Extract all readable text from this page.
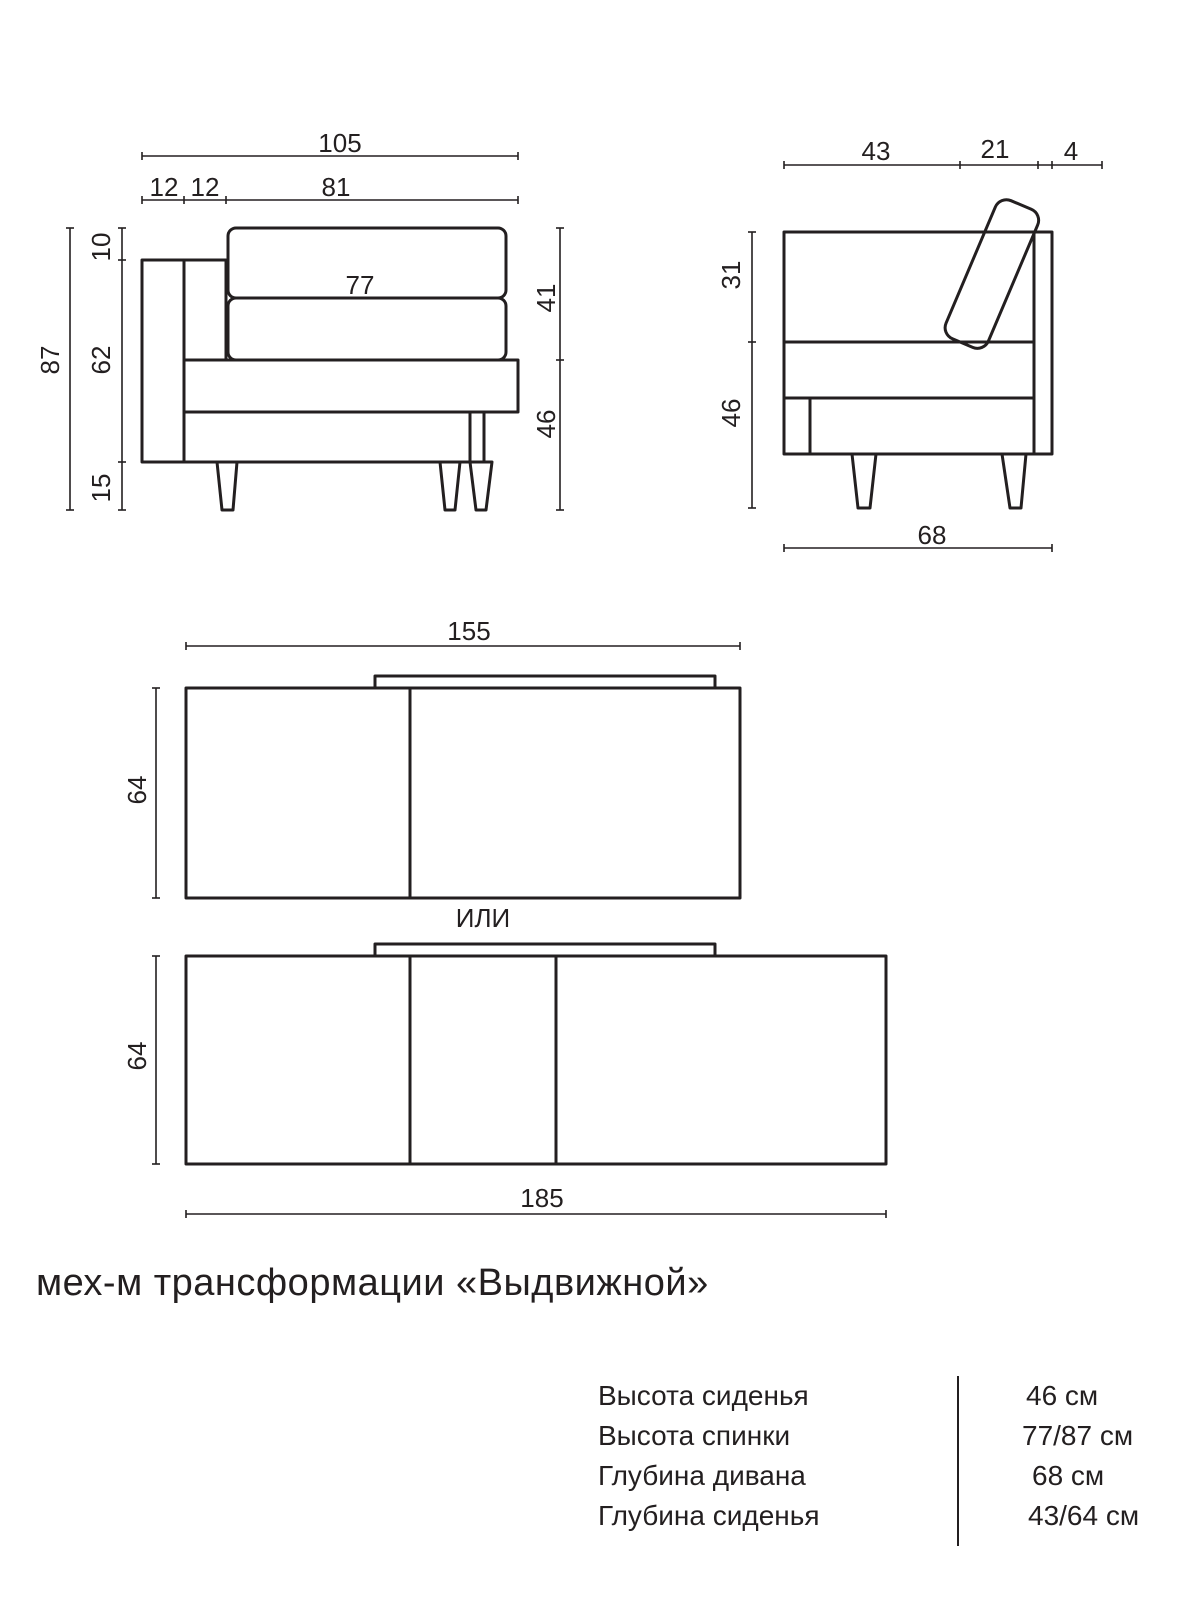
105
12 12	81
77
87
10
62
15
41
46
43	21 4
31
46
68
155
64
ИЛИ
64
185
мех-м трансформации «Выдвижной»
Высота сиденья	46 см
Высота спинки	77/87 см
Глубина дивана	68 см
Глубина сиденья	43/64 см
